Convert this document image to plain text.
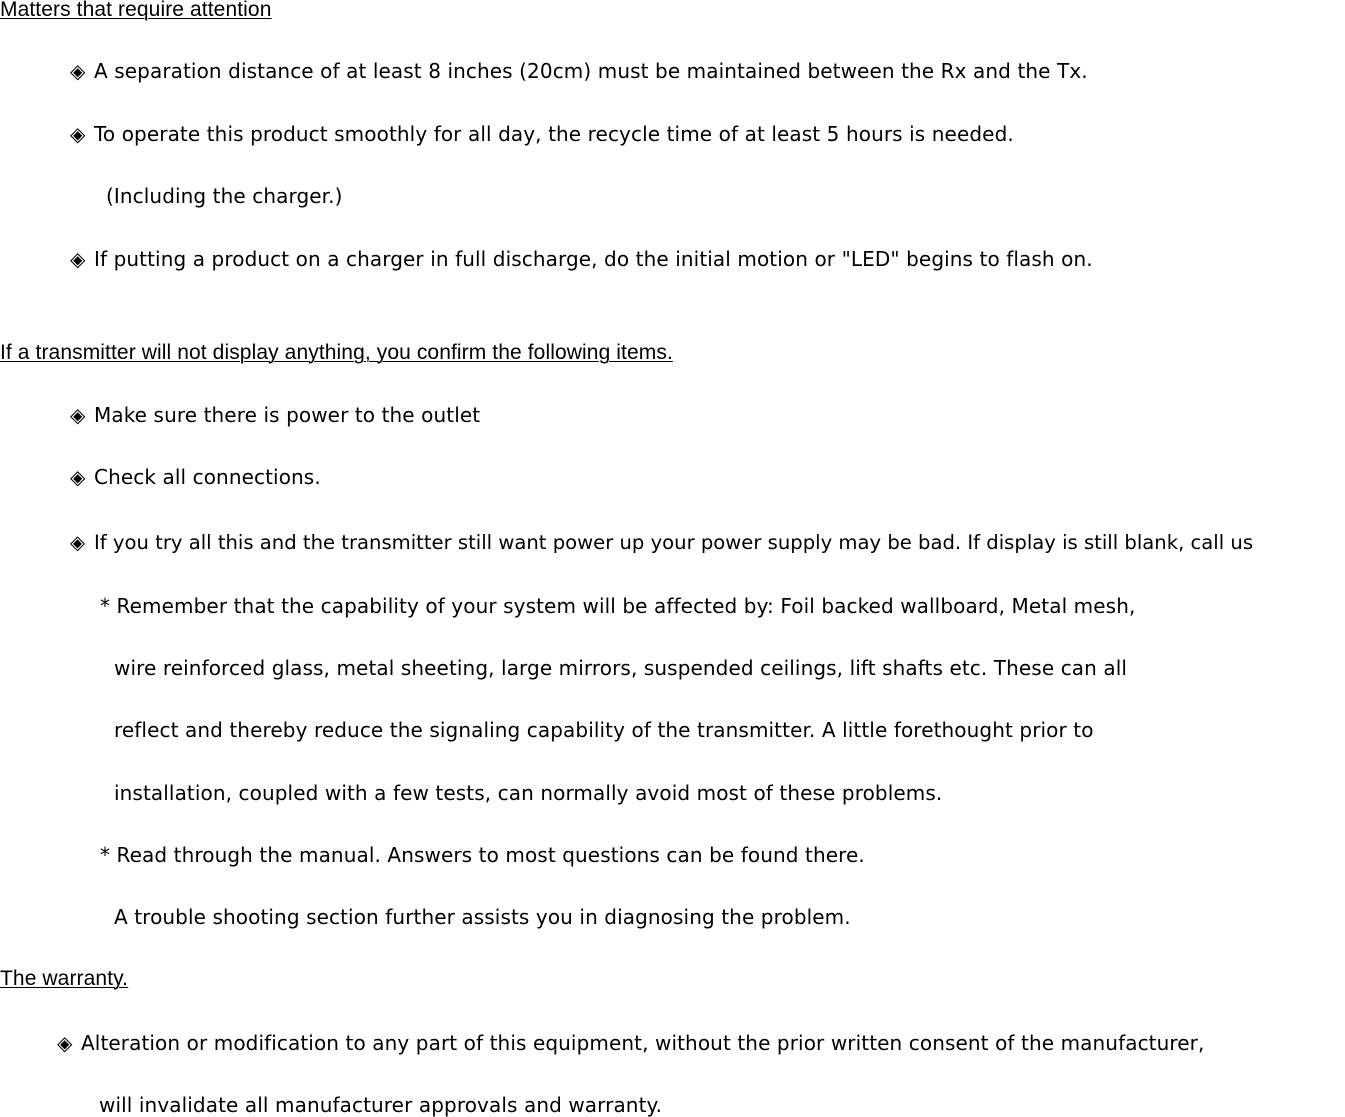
Matters that require attention
◈ A separation distance of at least 8 inches (20cm) must be maintained between the Rx and the Tx.
◈ To operate this product smoothly for all day, the recycle time of at least 5 hours is needed.
(Including the charger.)
◈ If putting a product on a charger in full discharge, do the initial motion or "LED" begins to flash on.
If a transmitter will not display anything, you confirm the following items.
◈ Make sure there is power to the outlet
◈ Check all connections.
◈ If you try all this and the transmitter still want power up your power supply may be bad. If display is still blank, call us
* Remember that the capability of your system will be affected by: Foil backed wallboard, Metal mesh,
wire reinforced glass, metal sheeting, large mirrors, suspended ceilings, lift shafts etc. These can all
reflect and thereby reduce the signaling capability of the transmitter. A little forethought prior to
installation, coupled with a few tests, can normally avoid most of these problems.
* Read through the manual. Answers to most questions can be found there.
A trouble shooting section further assists you in diagnosing the problem.
The warranty.
◈ Alteration or modification to any part of this equipment, without the prior written consent of the manufacturer,
will invalidate all manufacturer approvals and warranty.
